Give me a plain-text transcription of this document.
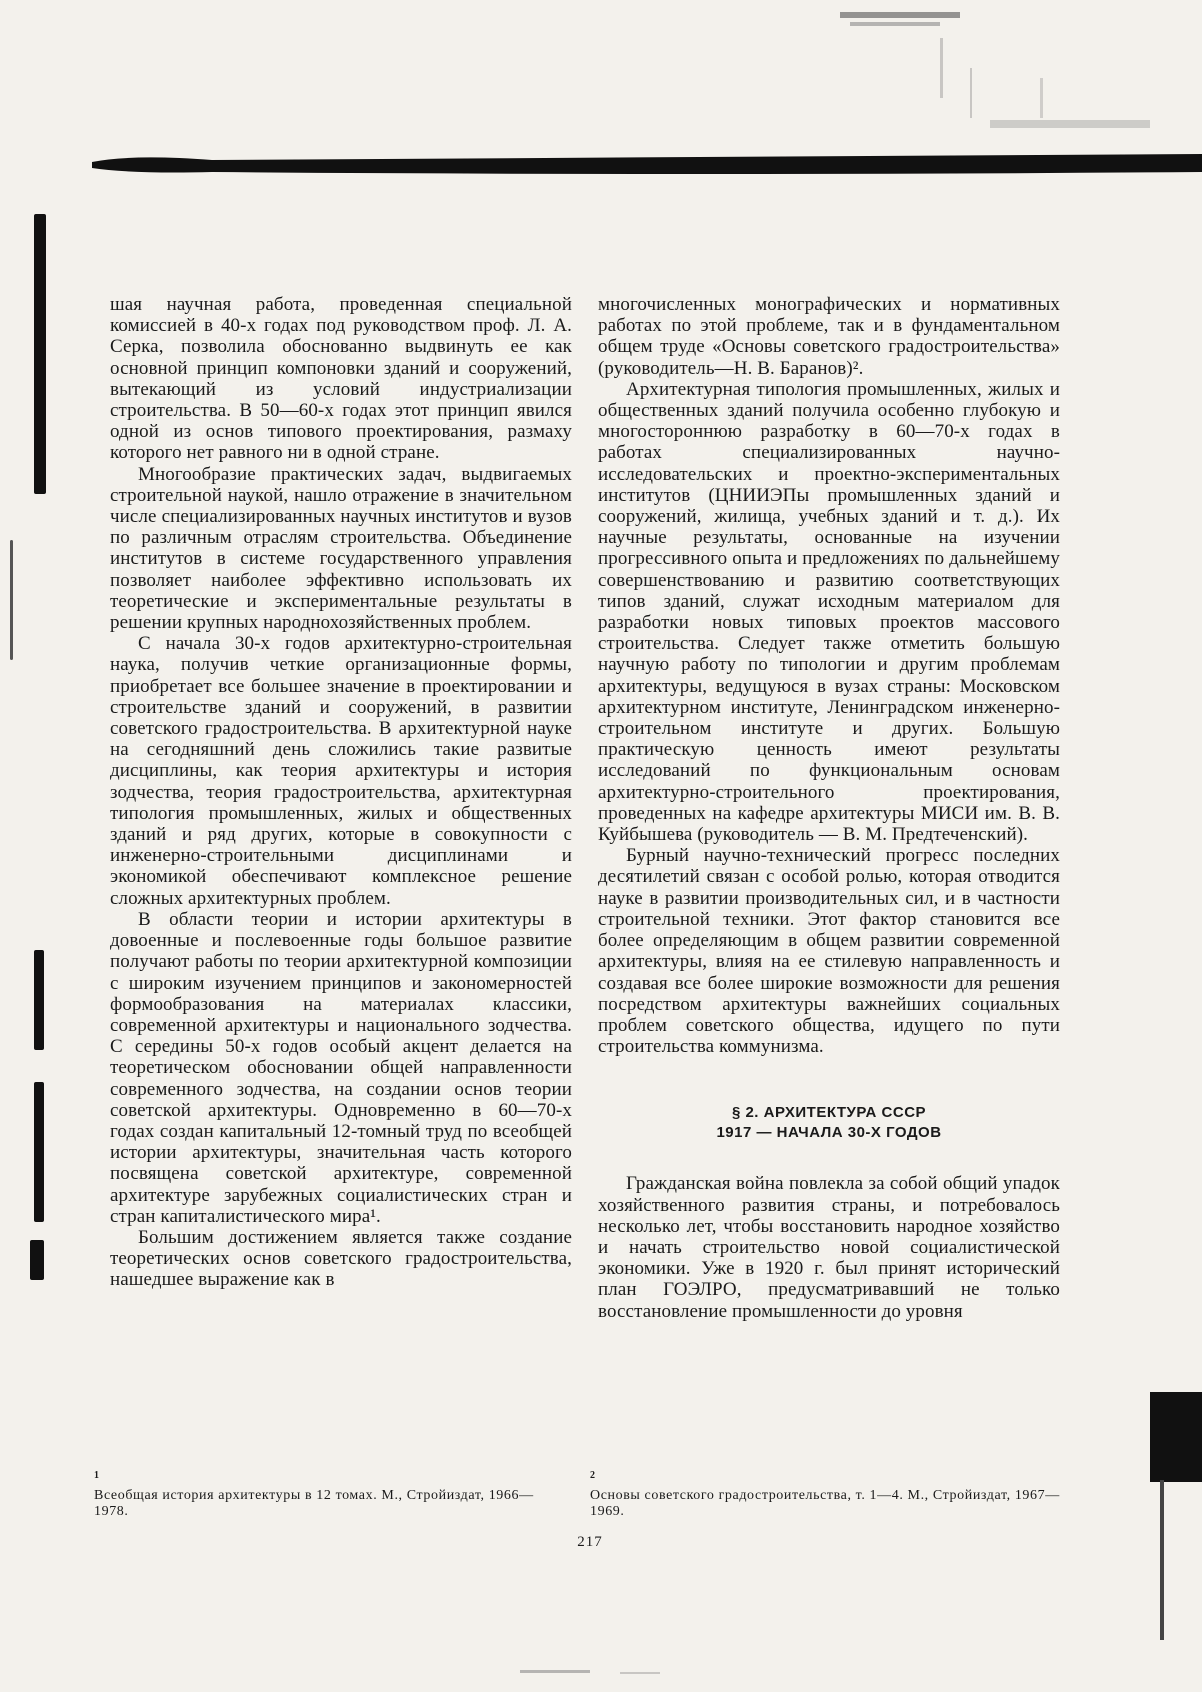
шая научная работа, проведенная специальной комиссией в 40-х годах под руководством проф. Л. А. Серка, позволила обоснованно выдвинуть ее как основной принцип компоновки зданий и сооружений, вытекающий из условий индустриализации строительства. В 50—60-х годах этот принцип явился одной из основ типового проектирования, размаху которого нет равного ни в одной стране.

Многообразие практических задач, выдвигаемых строительной наукой, нашло отражение в значительном числе специализированных научных институтов и вузов по различным отраслям строительства. Объединение институтов в системе государственного управления позволяет наиболее эффективно использовать их теоретические и экспериментальные результаты в решении крупных народнохозяйственных проблем.

С начала 30-х годов архитектурно-строительная наука, получив четкие организационные формы, приобретает все большее значение в проектировании и строительстве зданий и сооружений, в развитии советского градостроительства. В архитектурной науке на сегодняшний день сложились такие развитые дисциплины, как теория архитектуры и история зодчества, теория градостроительства, архитектурная типология промышленных, жилых и общественных зданий и ряд других, которые в совокупности с инженерно-строительными дисциплинами и экономикой обеспечивают комплексное решение сложных архитектурных проблем.

В области теории и истории архитектуры в довоенные и послевоенные годы большое развитие получают работы по теории архитектурной композиции с широким изучением принципов и закономерностей формообразования на материалах классики, современной архитектуры и национального зодчества. С середины 50-х годов особый акцент делается на теоретическом обосновании общей направленности современного зодчества, на создании основ теории советской архитектуры. Одновременно в 60—70-х годах создан капитальный 12-томный труд по всеобщей истории архитектуры, значительная часть которого посвящена советской архитектуре, современной архитектуре зарубежных социалистических стран и стран капиталистического мира¹.

Большим достижением является также создание теоретических основ советского градостроительства, нашедшее выражение как в

многочисленных монографических и нормативных работах по этой проблеме, так и в фундаментальном общем труде «Основы советского градостроительства» (руководитель—Н. В. Баранов)².

Архитектурная типология промышленных, жилых и общественных зданий получила особенно глубокую и многостороннюю разработку в 60—70-х годах в работах специализированных научно-исследовательских и проектно-экспериментальных институтов (ЦНИИЭПы промышленных зданий и сооружений, жилища, учебных зданий и т. д.). Их научные результаты, основанные на изучении прогрессивного опыта и предложениях по дальнейшему совершенствованию и развитию соответствующих типов зданий, служат исходным материалом для разработки новых типовых проектов массового строительства. Следует также отметить большую научную работу по типологии и другим проблемам архитектуры, ведущуюся в вузах страны: Московском архитектурном институте, Ленинградском инженерно-строительном институте и других. Большую практическую ценность имеют результаты исследований по функциональным основам архитектурно-строительного проектирования, проведенных на кафедре архитектуры МИСИ им. В. В. Куйбышева (руководитель — В. М. Предтеченский).

Бурный научно-технический прогресс последних десятилетий связан с особой ролью, которая отводится науке в развитии производительных сил, и в частности строительной техники. Этот фактор становится все более определяющим в общем развитии современной архитектуры, влияя на ее стилевую направленность и создавая все более широкие возможности для решения посредством архитектуры важнейших социальных проблем советского общества, идущего по пути строительства коммунизма.

§ 2. АРХИТЕКТУРА СССР
1917 — НАЧАЛА 30-Х ГОДОВ

Гражданская война повлекла за собой общий упадок хозяйственного развития страны, и потребовалось несколько лет, чтобы восстановить народное хозяйство и начать строительство новой социалистической экономики. Уже в 1920 г. был принят исторический план ГОЭЛРО, предусматривавший не только восстановление промышленности до уровня

1
Всеобщая история архитектуры в 12 томах. М., Стройиздат, 1966—1978.
2
Основы советского градостроительства, т. 1—4. М., Стройиздат, 1967—1969.
217
